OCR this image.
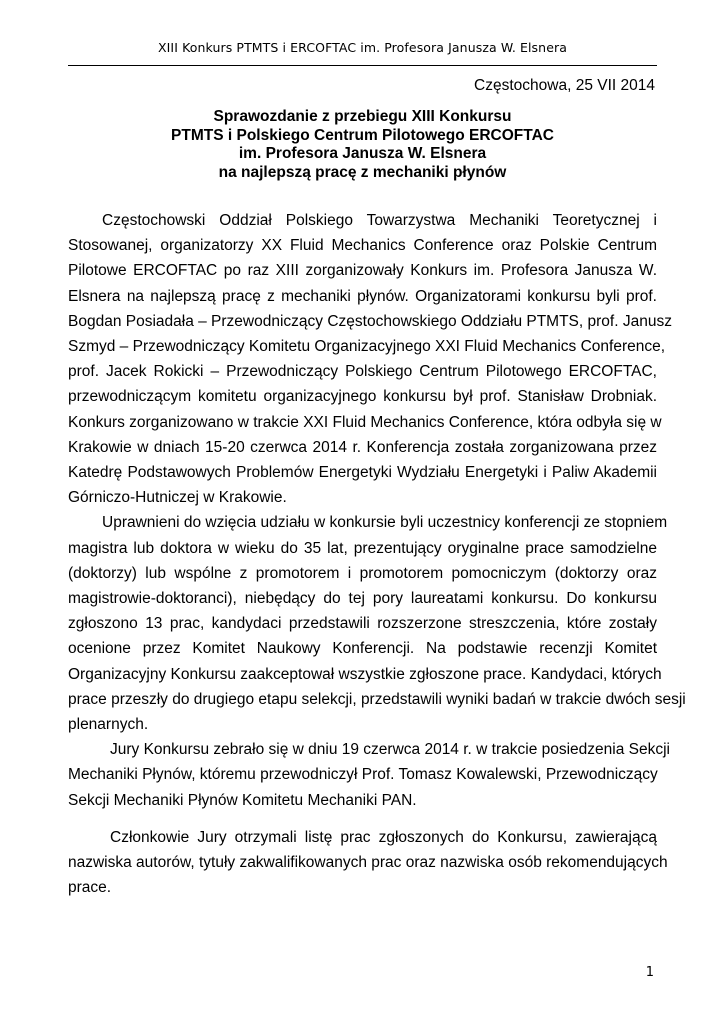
XIII Konkurs PTMTS i ERCOFTAC im. Profesora Janusza W. Elsnera
Częstochowa, 25 VII 2014
Sprawozdanie z przebiegu XIII Konkursu
PTMTS i Polskiego Centrum Pilotowego ERCOFTAC
im. Profesora Janusza W. Elsnera
na najlepszą pracę z mechaniki płynów

Częstochowski Oddział Polskiego Towarzystwa Mechaniki Teoretycznej i
Stosowanej, organizatorzy XX Fluid Mechanics Conference oraz Polskie Centrum
Pilotowe ERCOFTAC po raz XIII zorganizowały Konkurs im. Profesora Janusza W.
Elsnera na najlepszą pracę z mechaniki płynów. Organizatorami konkursu byli prof.
Bogdan Posiadała – Przewodniczący Częstochowskiego Oddziału PTMTS, prof. Janusz
Szmyd – Przewodniczący Komitetu Organizacyjnego XXI Fluid Mechanics Conference,
prof. Jacek Rokicki – Przewodniczący Polskiego Centrum Pilotowego ERCOFTAC,
przewodniczącym komitetu organizacyjnego konkursu był prof. Stanisław Drobniak.
Konkurs zorganizowano w trakcie XXI Fluid Mechanics Conference, która odbyła się w
Krakowie w dniach 15-20 czerwca 2014 r. Konferencja została zorganizowana przez
Katedrę Podstawowych Problemów Energetyki Wydziału Energetyki i Paliw Akademii
Górniczo-Hutniczej w Krakowie.

Uprawnieni do wzięcia udziału w konkursie byli uczestnicy konferencji ze stopniem
magistra lub doktora w wieku do 35 lat, prezentujący oryginalne prace samodzielne
(doktorzy) lub wspólne z promotorem i promotorem pomocniczym (doktorzy oraz
magistrowie-doktoranci), niebędący do tej pory laureatami konkursu. Do konkursu
zgłoszono 13 prac, kandydaci przedstawili rozszerzone streszczenia, które zostały
ocenione przez Komitet Naukowy Konferencji. Na podstawie recenzji Komitet
Organizacyjny Konkursu zaakceptował wszystkie zgłoszone prace. Kandydaci, których
prace przeszły do drugiego etapu selekcji, przedstawili wyniki badań w trakcie dwóch sesji
plenarnych.

Jury Konkursu zebrało się w dniu 19 czerwca 2014 r. w trakcie posiedzenia Sekcji
Mechaniki Płynów, któremu przewodniczył Prof. Tomasz Kowalewski, Przewodniczący
Sekcji Mechaniki Płynów Komitetu Mechaniki PAN.

Członkowie Jury otrzymali listę prac zgłoszonych do Konkursu, zawierającą
nazwiska autorów, tytuły zakwalifikowanych prac oraz nazwiska osób rekomendujących
prace.

1
